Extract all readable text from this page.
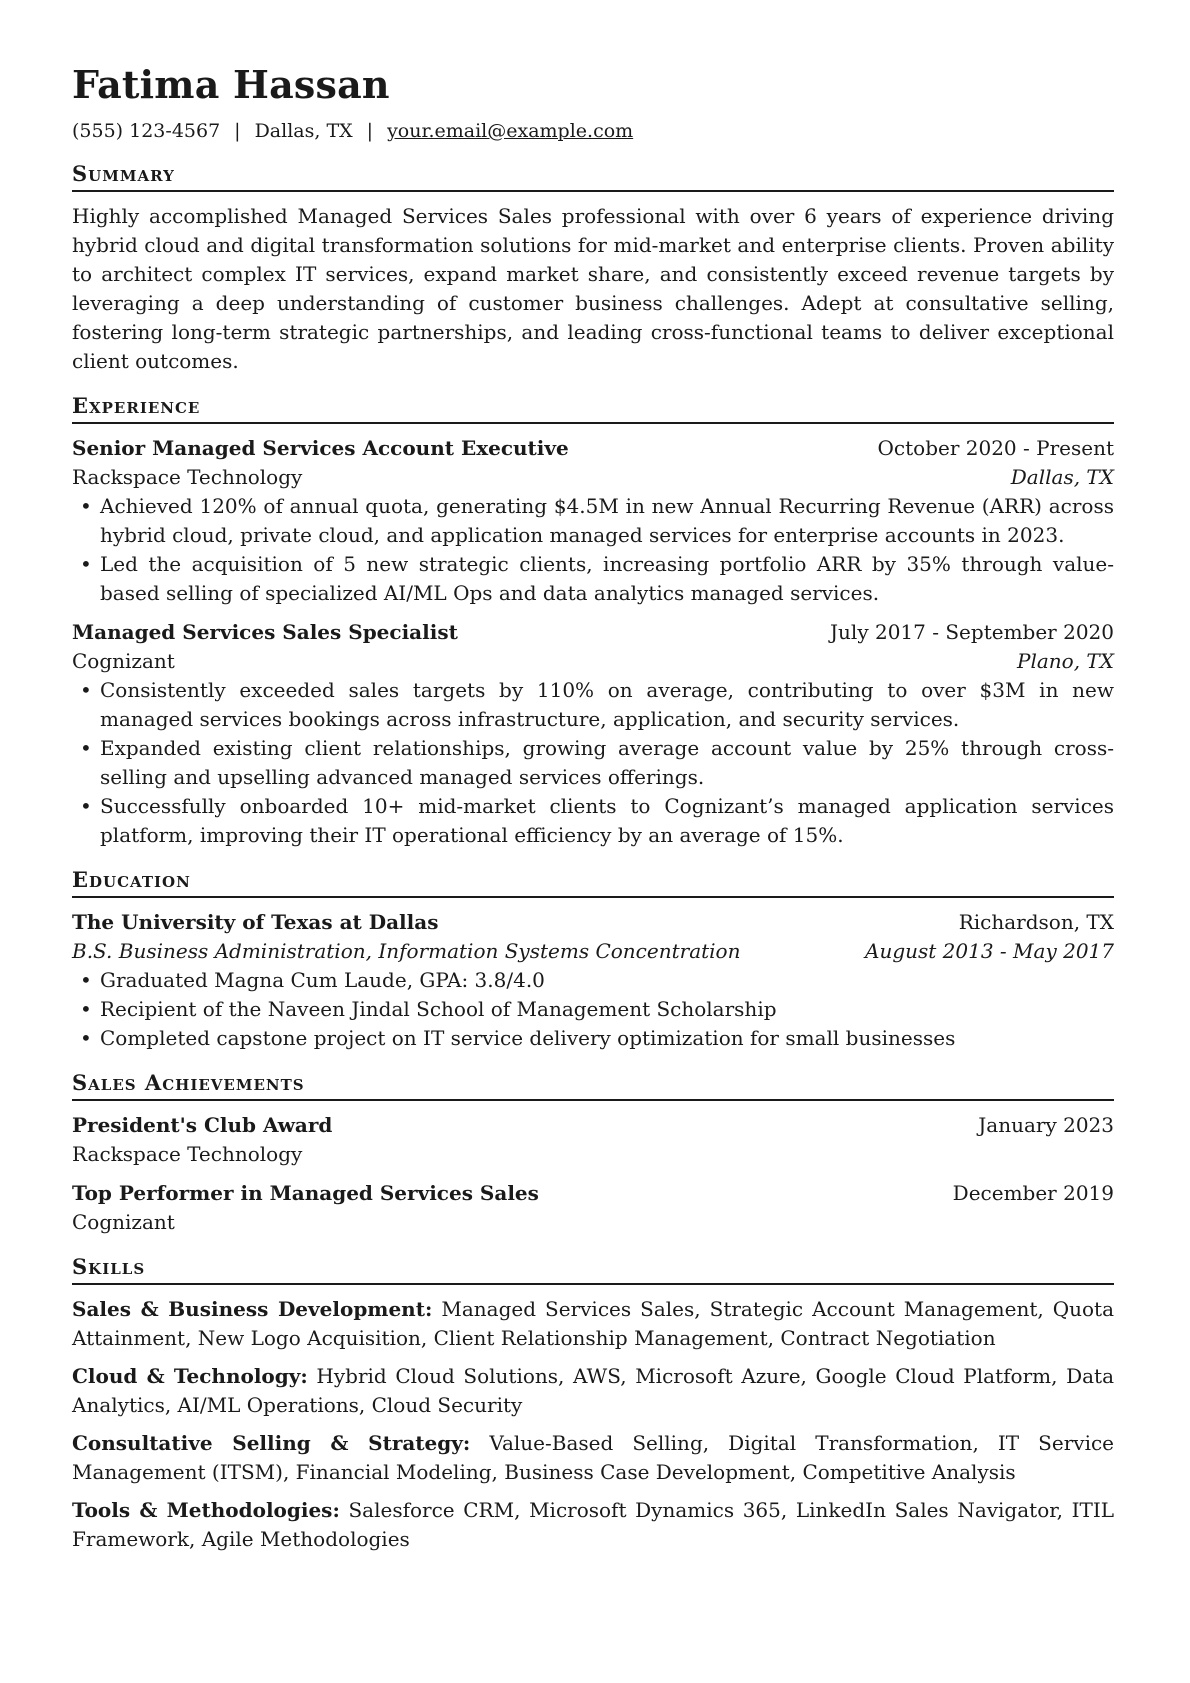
Fatima Hassan
(555) 123-4567 | Dallas, TX | your.email@example.com
Summary

Highly accomplished Managed Services Sales professional with over 6 years of experience driving hybrid cloud and digital transformation solutions for mid-market and enterprise clients. Proven ability to architect complex IT services, expand market share, and consistently exceed revenue targets by leveraging a deep understanding of customer business challenges. Adept at consultative selling, fostering long-term strategic partnerships, and leading cross-functional teams to deliver exceptional client outcomes.

Experience
Senior Managed Services Account Executive	October 2020 - Present
Rackspace Technology	Dallas, TX
• Achieved 120% of annual quota, generating $4.5M in new Annual Recurring Revenue (ARR) across hybrid cloud, private cloud, and application managed services for enterprise accounts in 2023.
• Led the acquisition of 5 new strategic clients, increasing portfolio ARR by 35% through value-based selling of specialized AI/ML Ops and data analytics managed services.
Managed Services Sales Specialist	July 2017 - September 2020
Cognizant	Plano, TX
• Consistently exceeded sales targets by 110% on average, contributing to over $3M in new managed services bookings across infrastructure, application, and security services.
• Expanded existing client relationships, growing average account value by 25% through cross-selling and upselling advanced managed services offerings.
• Successfully onboarded 10+ mid-market clients to Cognizant’s managed application services platform, improving their IT operational efficiency by an average of 15%.
Education
The University of Texas at Dallas	Richardson, TX
B.S. Business Administration, Information Systems Concentration	August 2013 - May 2017
• Graduated Magna Cum Laude, GPA: 3.8/4.0
• Recipient of the Naveen Jindal School of Management Scholarship
• Completed capstone project on IT service delivery optimization for small businesses
Sales Achievements
President's Club Award	January 2023
Rackspace Technology
Top Performer in Managed Services Sales	December 2019
Cognizant
Skills
Sales & Business Development: Managed Services Sales, Strategic Account Management, Quota Attainment, New Logo Acquisition, Client Relationship Management, Contract Negotiation
Cloud & Technology: Hybrid Cloud Solutions, AWS, Microsoft Azure, Google Cloud Platform, Data Analytics, AI/ML Operations, Cloud Security
Consultative Selling & Strategy: Value-Based Selling, Digital Transformation, IT Service Management (ITSM), Financial Modeling, Business Case Development, Competitive Analysis
Tools & Methodologies: Salesforce CRM, Microsoft Dynamics 365, LinkedIn Sales Navigator, ITIL Framework, Agile Methodologies
